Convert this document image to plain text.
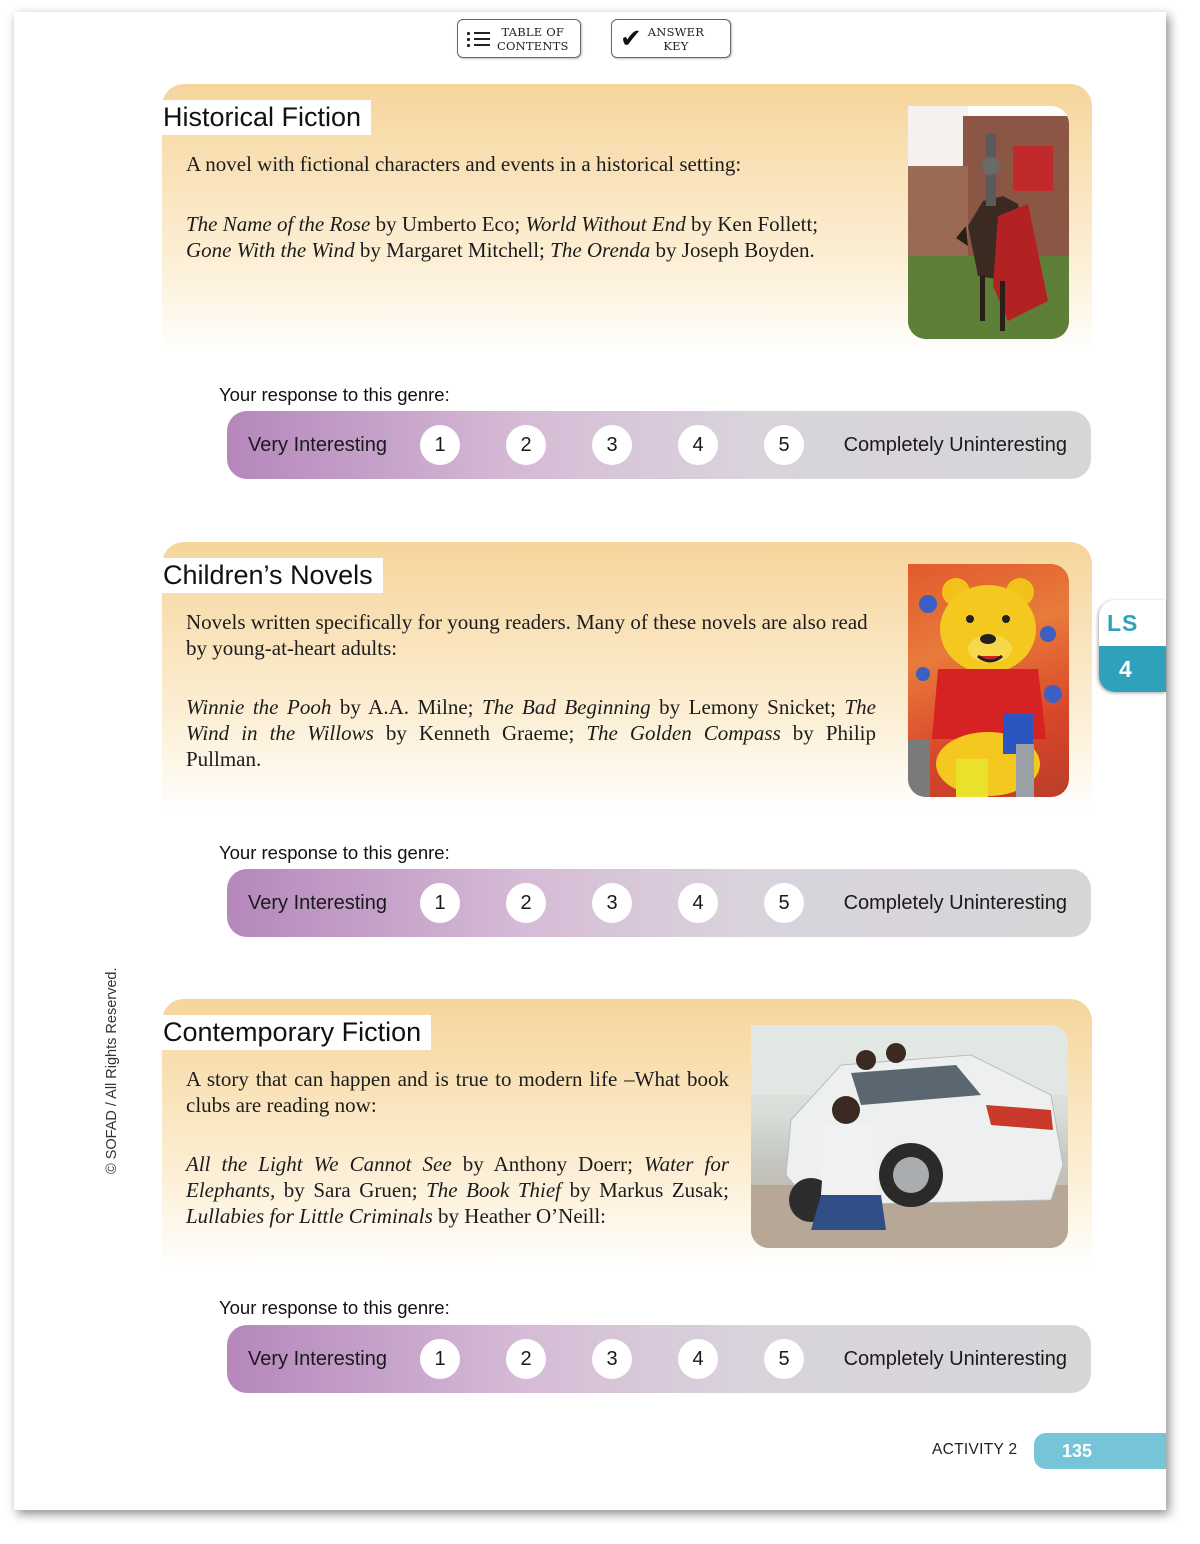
TABLE OF
CONTENTS ✔ ANSWER
KEY
Historical Fiction
A novel with fictional characters and events in a historical setting:
The Name of the Rose by Umberto Eco; World Without End by Ken Follett;
Gone With the Wind by Margaret Mitchell; The Orenda by Joseph Boyden.
Your response to this genre:
Very Interesting	1	2	3	4	5	Completely Uninteresting
Children’s Novels
Novels written specifically for young readers. Many of these novels are also read by young-at-heart adults:
Winnie the Pooh by A.A. Milne; The Bad Beginning by Lemony Snicket; The Wind in the Willows by Kenneth Graeme; The Golden Compass by Philip Pullman.
Your response to this genre:
Very Interesting	1	2	3	4	5	Completely Uninteresting
Contemporary Fiction
A story that can happen and is true to modern life –What book clubs are reading now:
All the Light We Cannot See by Anthony Doerr; Water for Elephants, by Sara Gruen; The Book Thief by Markus Zusak; Lullabies for Little Criminals by Heather O’Neill:
Your response to this genre:
Very Interesting	1	2	3	4	5	Completely Uninteresting
LS
4
© SOFAD / All Rights Reserved.
ACTIVITY 2	135
